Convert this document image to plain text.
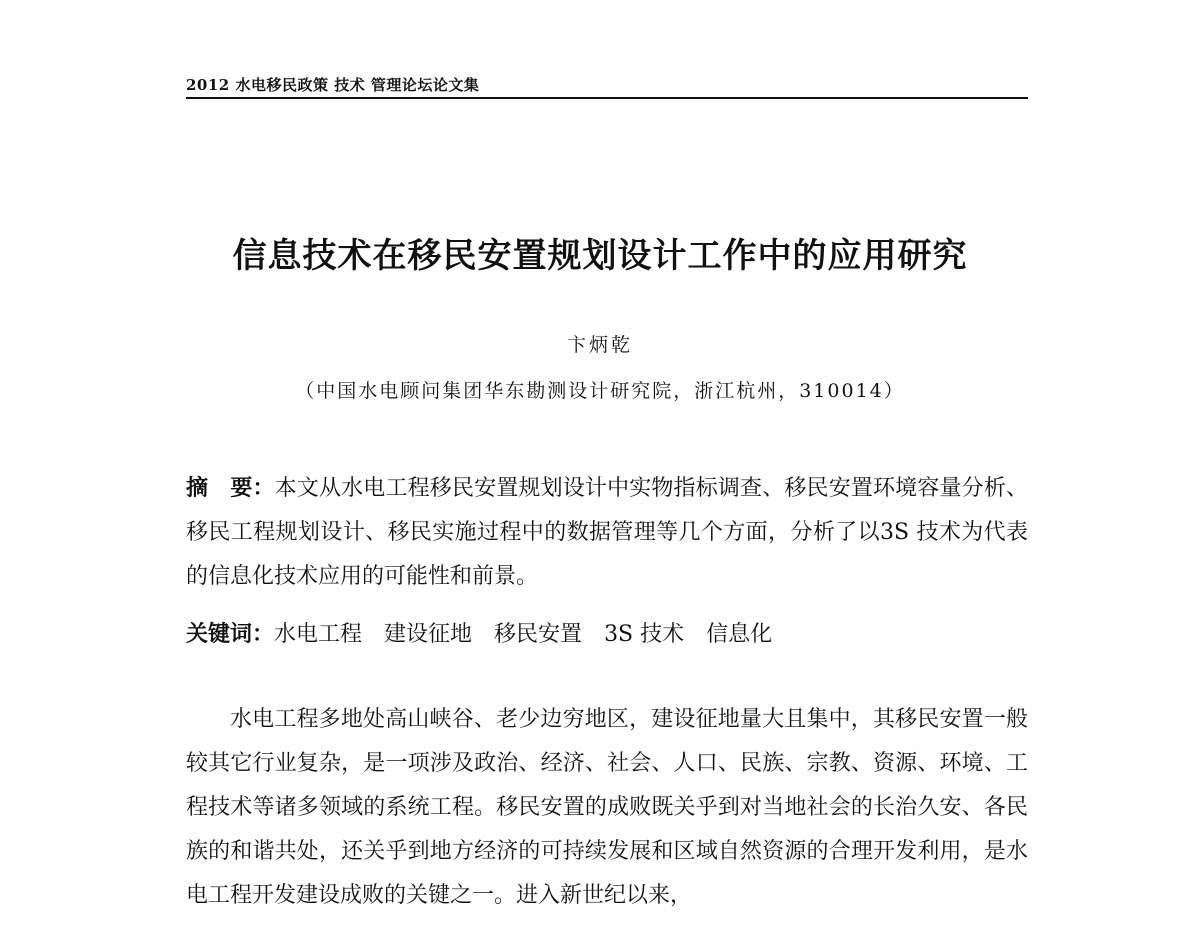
2012 水电移民政策 技术 管理论坛论文集
信息技术在移民安置规划设计工作中的应用研究
卞炳乾
（中国水电顾问集团华东勘测设计研究院，浙江杭州，310014）
摘　要：本文从水电工程移民安置规划设计中实物指标调查、移民安置环境容量分析、移民工程规划设计、移民实施过程中的数据管理等几个方面，分析了以3S 技术为代表的信息化技术应用的可能性和前景。
关键词：水电工程 建设征地 移民安置 3S 技术 信息化
水电工程多地处高山峡谷、老少边穷地区，建设征地量大且集中，其移民安置一般较其它行业复杂，是一项涉及政治、经济、社会、人口、民族、宗教、资源、环境、工程技术等诸多领域的系统工程。移民安置的成败既关乎到对当地社会的长治久安、各民族的和谐共处，还关乎到地方经济的可持续发展和区域自然资源的合理开发利用，是水电工程开发建设成败的关键之一。进入新世纪以来，
